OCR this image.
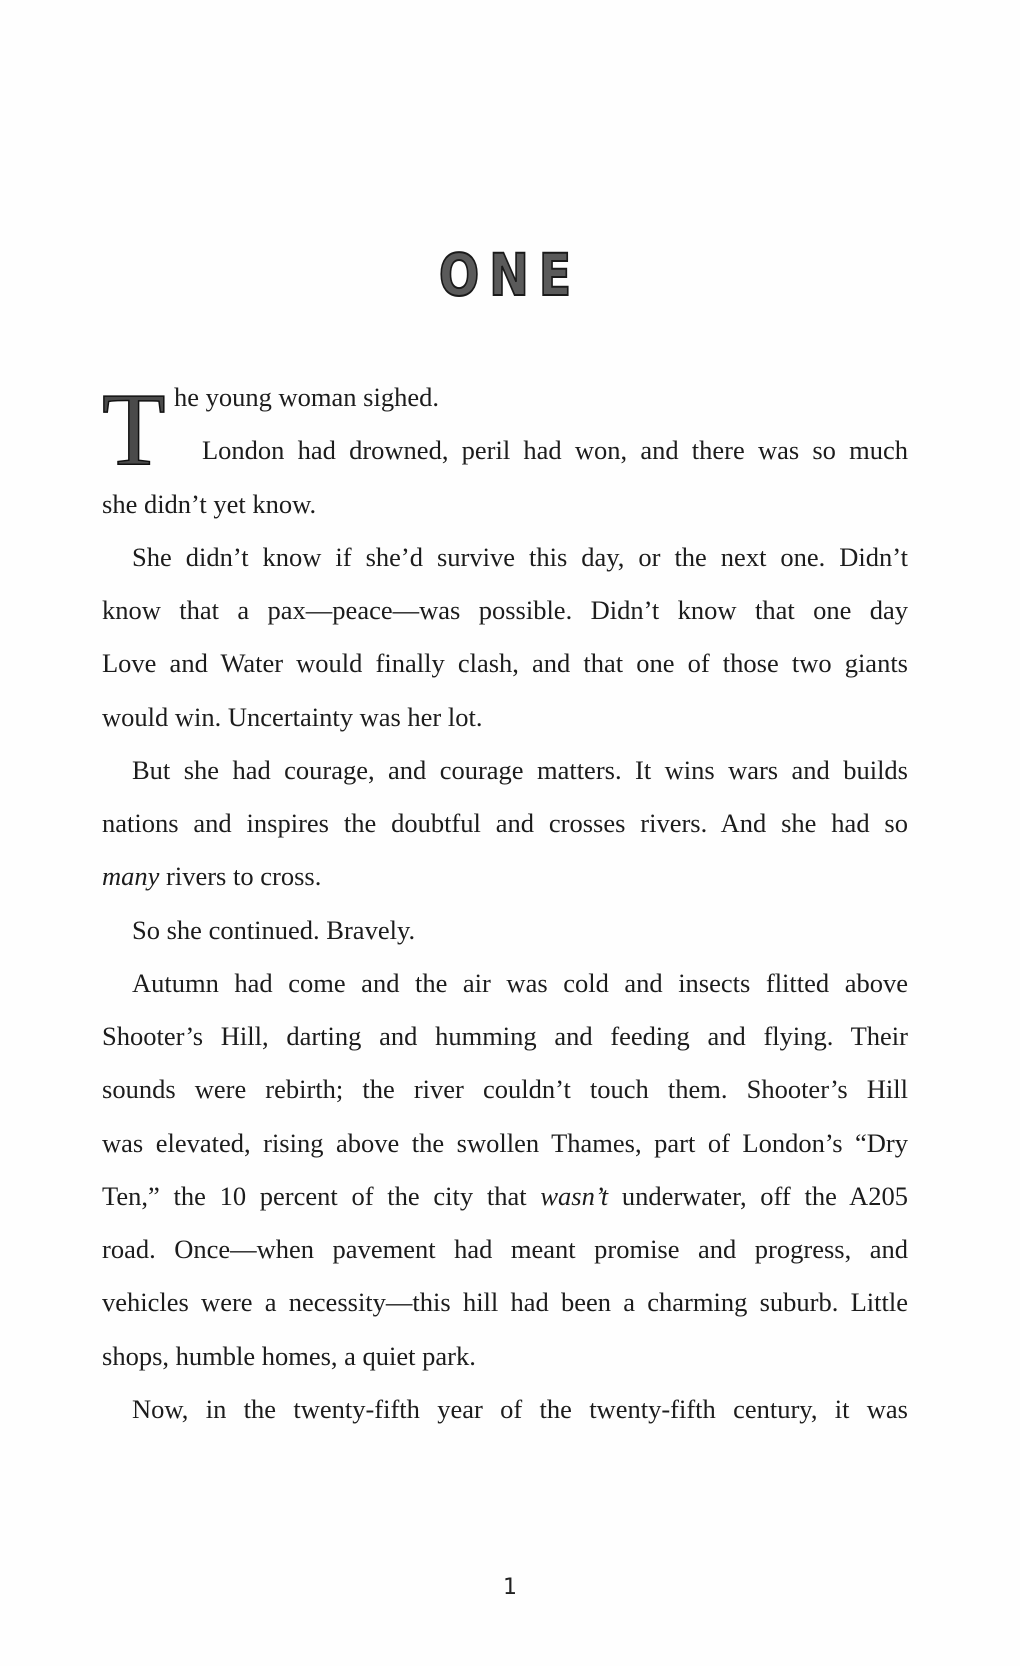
ONE
T he young woman sighed.
London had drowned, peril had won, and there was so much
she didn’t yet know.
She didn’t know if she’d survive this day, or the next one. Didn’t
know that a pax—peace—was possible. Didn’t know that one day
Love and Water would finally clash, and that one of those two giants
would win. Uncertainty was her lot.
But she had courage, and courage matters. It wins wars and builds
nations and inspires the doubtful and crosses rivers. And she had so
many rivers to cross.
So she continued. Bravely.
Autumn had come and the air was cold and insects flitted above
Shooter’s Hill, darting and humming and feeding and flying. Their
sounds were rebirth; the river couldn’t touch them. Shooter’s Hill
was elevated, rising above the swollen Thames, part of London’s “Dry
Ten,” the 10 percent of the city that wasn’t underwater, off the A205
road. Once—when pavement had meant promise and progress, and
vehicles were a necessity—this hill had been a charming suburb. Little
shops, humble homes, a quiet park.
Now, in the twenty-fifth year of the twenty-fifth century, it was
1
